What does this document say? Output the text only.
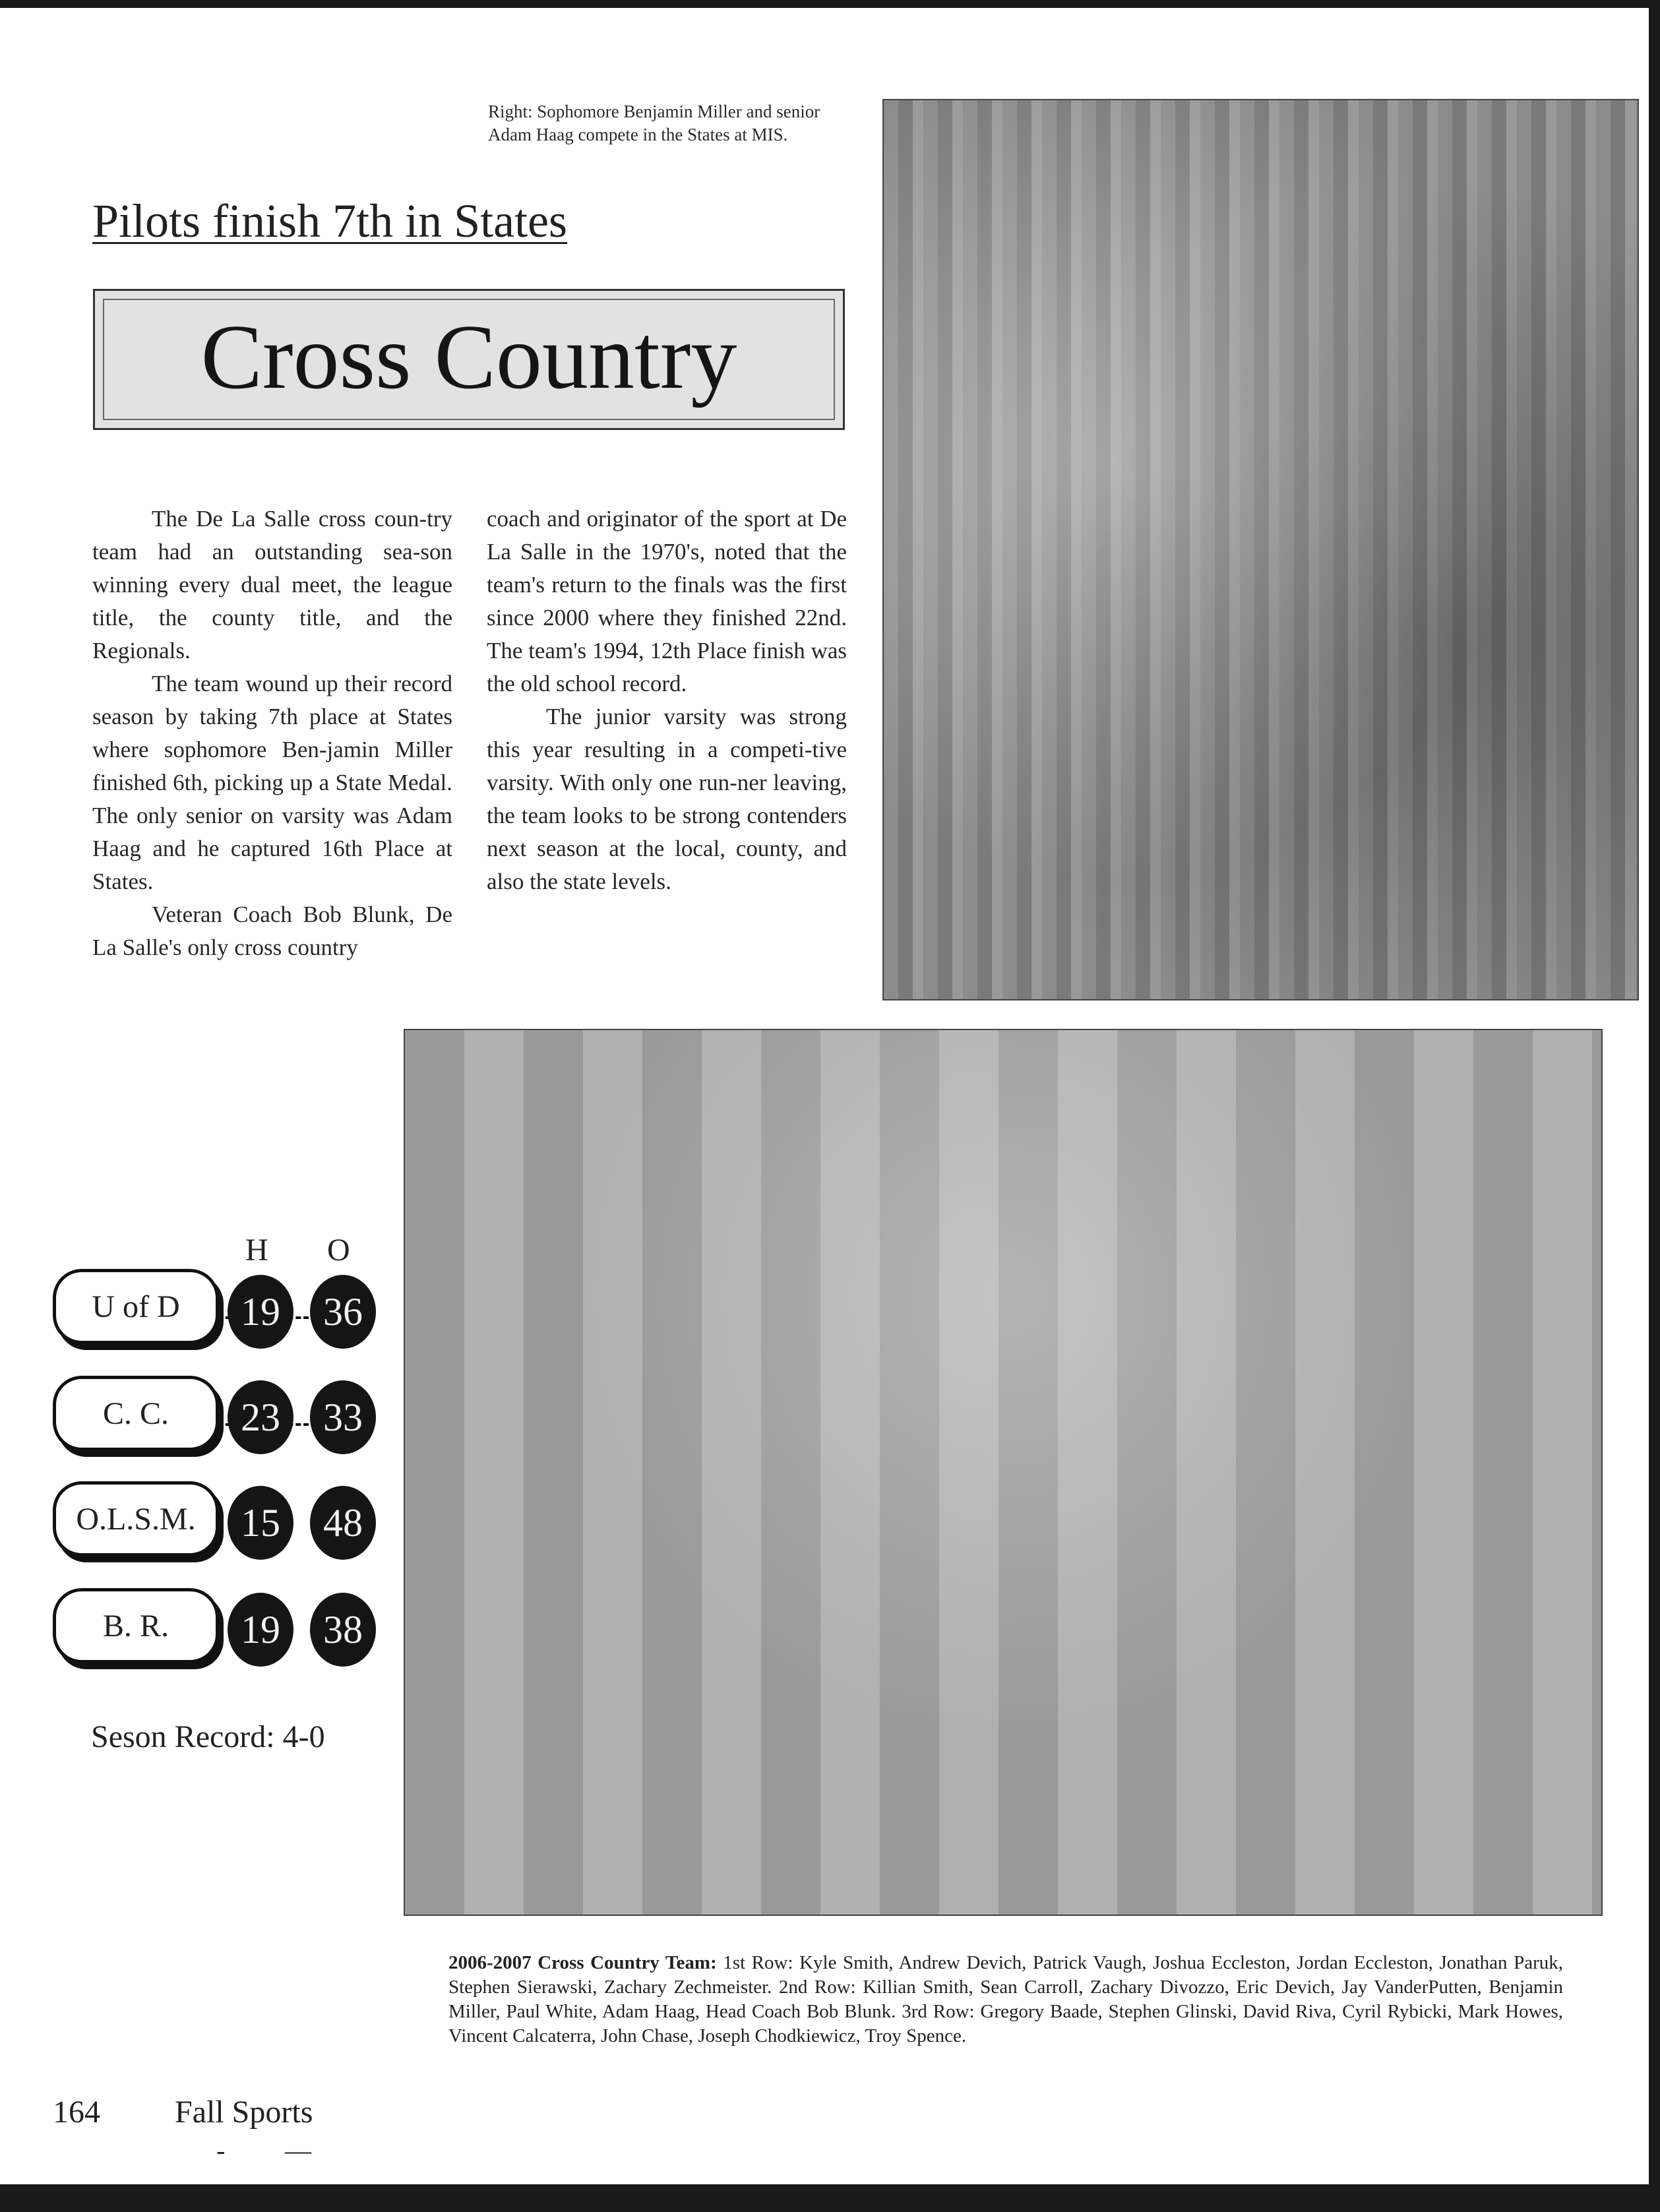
Right: Sophomore Benjamin Miller and senior Adam Haag compete in the States at MIS.
Pilots finish 7th in States
Cross Country

The De La Salle cross coun-try team had an outstanding sea-son winning every dual meet, the league title, the county title, and the Regionals.

The team wound up their record season by taking 7th place at States where sophomore Ben-jamin Miller finished 6th, picking up a State Medal. The only senior on varsity was Adam Haag and he captured 16th Place at States.

Veteran Coach Bob Blunk, De La Salle's only cross country

coach and originator of the sport at De La Salle in the 1970's, noted that the team's return to the finals was the first since 2000 where they finished 22nd. The team's 1994, 12th Place finish was the old school record.

The junior varsity was strong this year resulting in a competi-tive varsity. With only one run-ner leaving, the team looks to be strong contenders next season at the local, county, and also the state levels.

H O
U of D	19	36
C. C.	23	33
O.L.S.M.	15	48
B. R.	19	38
Seson Record: 4-0
2006-2007 Cross Country Team: 1st Row: Kyle Smith, Andrew Devich, Patrick Vaugh, Joshua Eccleston, Jordan Eccleston, Jonathan Paruk, Stephen Sierawski, Zachary Zechmeister. 2nd Row: Killian Smith, Sean Carroll, Zachary Divozzo, Eric Devich, Jay VanderPutten, Benjamin Miller, Paul White, Adam Haag, Head Coach Bob Blunk. 3rd Row: Gregory Baade, Stephen Glinski, David Riva, Cyril Rybicki, Mark Howes, Vincent Calcaterra, John Chase, Joseph Chodkiewicz, Troy Spence.
164 Fall Sports
- —
